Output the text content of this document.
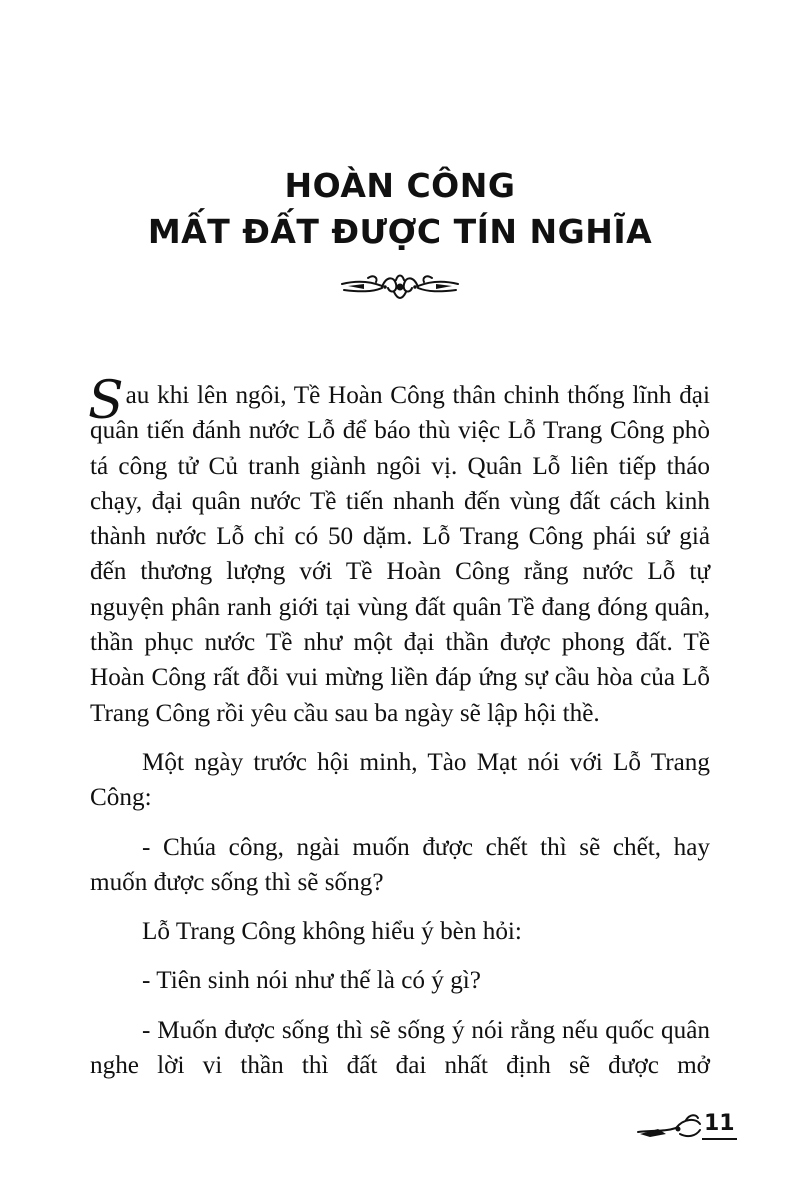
HOÀN CÔNG
MẤT ĐẤT ĐƯỢC TÍN NGHĨA

Sau khi lên ngôi, Tề Hoàn Công thân chinh thống lĩnh đại quân tiến đánh nước Lỗ để báo thù việc Lỗ Trang Công phò tá công tử Củ tranh giành ngôi vị. Quân Lỗ liên tiếp tháo chạy, đại quân nước Tề tiến nhanh đến vùng đất cách kinh thành nước Lỗ chỉ có 50 dặm. Lỗ Trang Công phái sứ giả đến thương lượng với Tề Hoàn Công rằng nước Lỗ tự nguyện phân ranh giới tại vùng đất quân Tề đang đóng quân, thần phục nước Tề như một đại thần được phong đất. Tề Hoàn Công rất đỗi vui mừng liền đáp ứng sự cầu hòa của Lỗ Trang Công rồi yêu cầu sau ba ngày sẽ lập hội thề.

Một ngày trước hội minh, Tào Mạt nói với Lỗ Trang Công:

- Chúa công, ngài muốn được chết thì sẽ chết, hay muốn được sống thì sẽ sống?

Lỗ Trang Công không hiểu ý bèn hỏi:

- Tiên sinh nói như thế là có ý gì?

- Muốn được sống thì sẽ sống ý nói rằng nếu quốc quân nghe lời vi thần thì đất đai nhất định sẽ được mở

11
